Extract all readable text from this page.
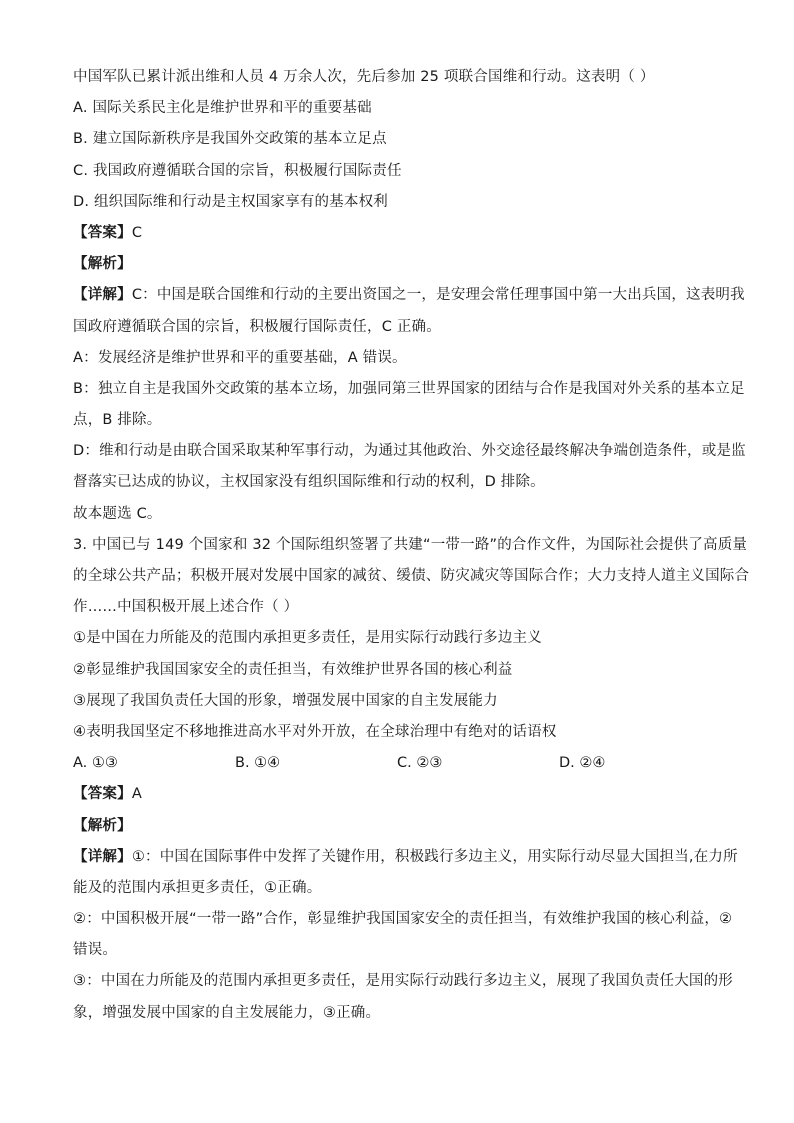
中国军队已累计派出维和人员 4 万余人次，先后参加 25 项联合国维和行动。这表明（ ）
A. 国际关系民主化是维护世界和平的重要基础
B. 建立国际新秩序是我国外交政策的基本立足点
C. 我国政府遵循联合国的宗旨，积极履行国际责任
D. 组织国际维和行动是主权国家享有的基本权利
【答案】C
【解析】
【详解】C：中国是联合国维和行动的主要出资国之一，是安理会常任理事国中第一大出兵国，这表明我
国政府遵循联合国的宗旨，积极履行国际责任，C 正确。
A：发展经济是维护世界和平的重要基础，A 错误。
B：独立自主是我国外交政策的基本立场，加强同第三世界国家的团结与合作是我国对外关系的基本立足
点，B 排除。
D：维和行动是由联合国采取某种军事行动，为通过其他政治、外交途径最终解决争端创造条件，或是监
督落实已达成的协议，主权国家没有组织国际维和行动的权利，D 排除。
故本题选 C。
3. 中国已与 149 个国家和 32 个国际组织签署了共建“一带一路”的合作文件，为国际社会提供了高质量
的全球公共产品；积极开展对发展中国家的减贫、缓债、防灾减灾等国际合作；大力支持人道主义国际合
作……中国积极开展上述合作（ ）
①是中国在力所能及的范围内承担更多责任，是用实际行动践行多边主义
②彰显维护我国国家安全的责任担当，有效维护世界各国的核心利益
③展现了我国负责任大国的形象，增强发展中国家的自主发展能力
④表明我国坚定不移地推进高水平对外开放，在全球治理中有绝对的话语权
A. ①③	B. ①④	C. ②③	D. ②④
【答案】A
【解析】
【详解】①：中国在国际事件中发挥了关键作用，积极践行多边主义，用实际行动尽显大国担当,在力所
能及的范围内承担更多责任，①正确。
②：中国积极开展“一带一路”合作，彰显维护我国国家安全的责任担当，有效维护我国的核心利益，②
错误。
③：中国在力所能及的范围内承担更多责任，是用实际行动践行多边主义，展现了我国负责任大国的形
象，增强发展中国家的自主发展能力，③正确。
